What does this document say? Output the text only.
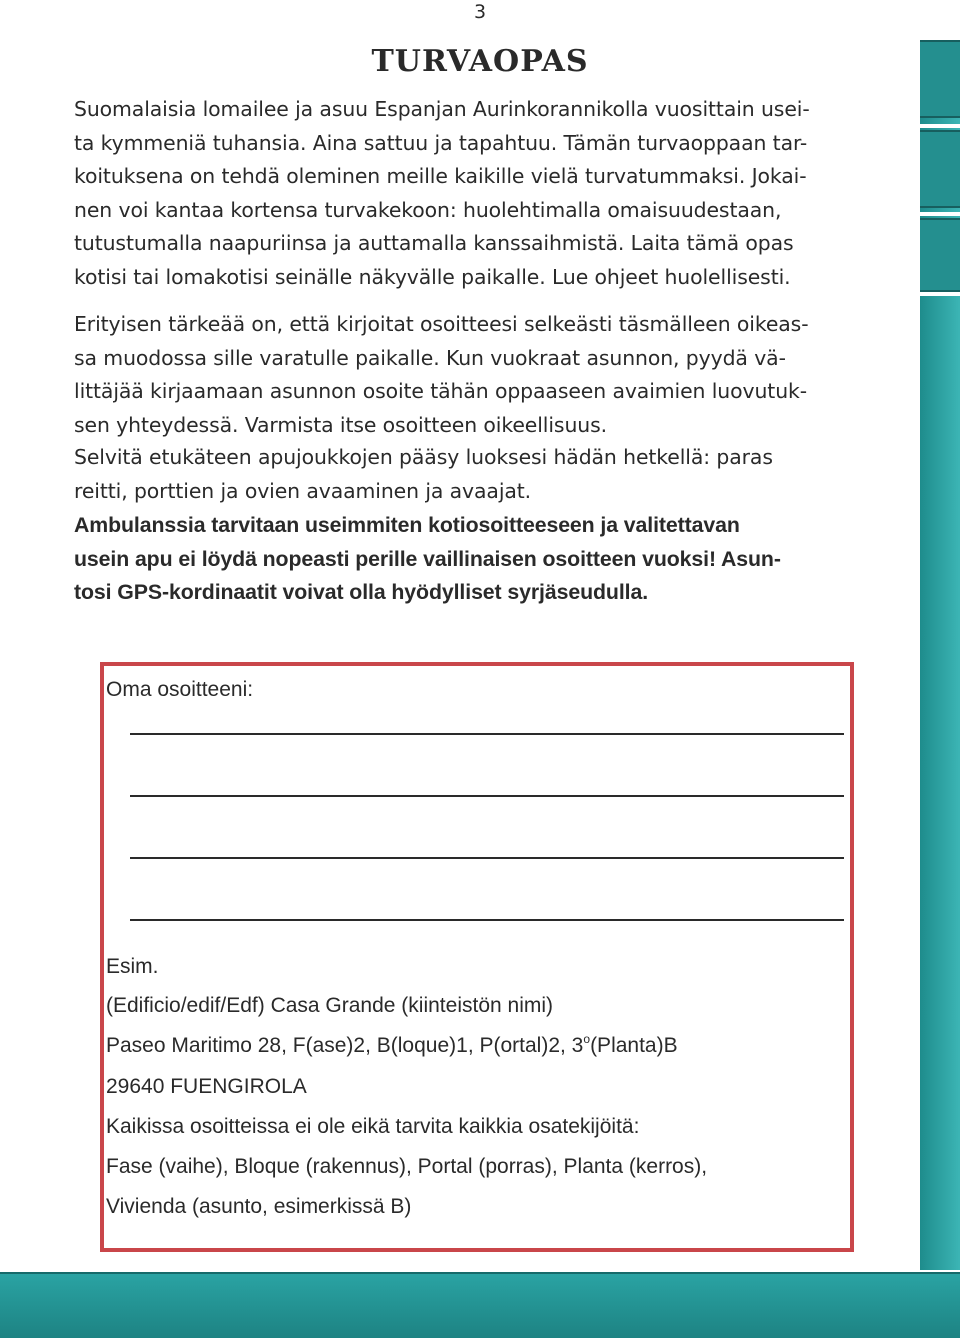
3
TURVAOPAS
Suomalaisia lomailee ja asuu Espanjan Aurinkorannikolla vuosittain usei-
ta kymmeniä tuhansia. Aina sattuu ja tapahtuu. Tämän turvaoppaan tar-
koituksena on tehdä oleminen meille kaikille vielä turvatummaksi. Jokai-
nen voi kantaa kortensa turvakekoon: huolehtimalla omaisuudestaan,
tutustumalla naapuriinsa ja auttamalla kanssaihmistä. Laita tämä opas
kotisi tai lomakotisi seinälle näkyvälle paikalle. Lue ohjeet huolellisesti.
Erityisen tärkeää on, että kirjoitat osoitteesi selkeästi täsmälleen oikeas-
sa muodossa sille varatulle paikalle. Kun vuokraat asunnon, pyydä vä-
littäjää kirjaamaan asunnon osoite tähän oppaaseen avaimien luovutuk-
sen yhteydessä. Varmista itse osoitteen oikeellisuus.
Selvitä etukäteen apujoukkojen pääsy luoksesi hädän hetkellä: paras
reitti, porttien ja ovien avaaminen ja avaajat.
Ambulanssia tarvitaan useimmiten kotiosoitteeseen ja valitettavan
usein apu ei löydä nopeasti perille vaillinaisen osoitteen vuoksi! Asun-
tosi GPS-kordinaatit voivat olla hyödylliset syrjäseudulla.
Oma osoitteeni:
Esim.
(Edificio/edif/Edf) Casa Grande (kiinteistön nimi)
Paseo Maritimo 28, F(ase)2, B(loque)1, P(ortal)2, 3$^o$(Planta)B
29640 FUENGIROLA
Kaikissa osoitteissa ei ole eikä tarvita kaikkia osatekijöitä:
Fase (vaihe), Bloque (rakennus), Portal (porras), Planta (kerros),
Vivienda (asunto, esimerkissä B)
